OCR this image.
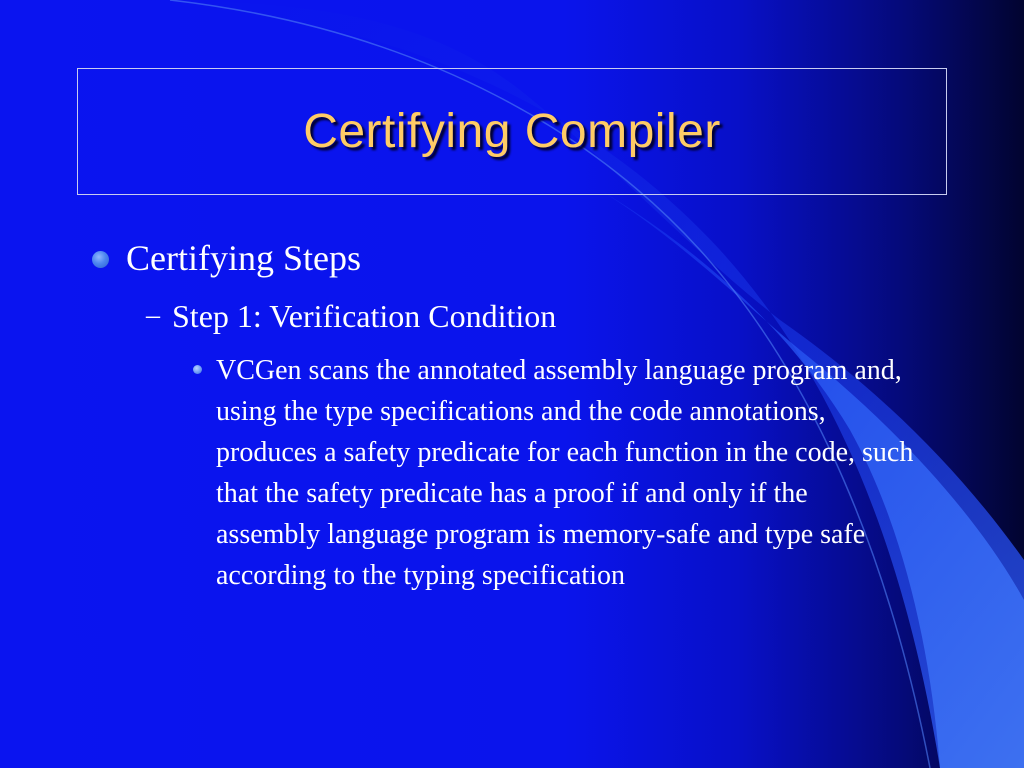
Certifying Compiler
Certifying Steps
– Step 1: Verification Condition
VCGen scans the annotated assembly language program and, using the type specifications and the code annotations, produces a safety predicate for each function in the code, such that the safety predicate has a proof if and only if the assembly language program is memory-safe and type safe according to the typing specification
